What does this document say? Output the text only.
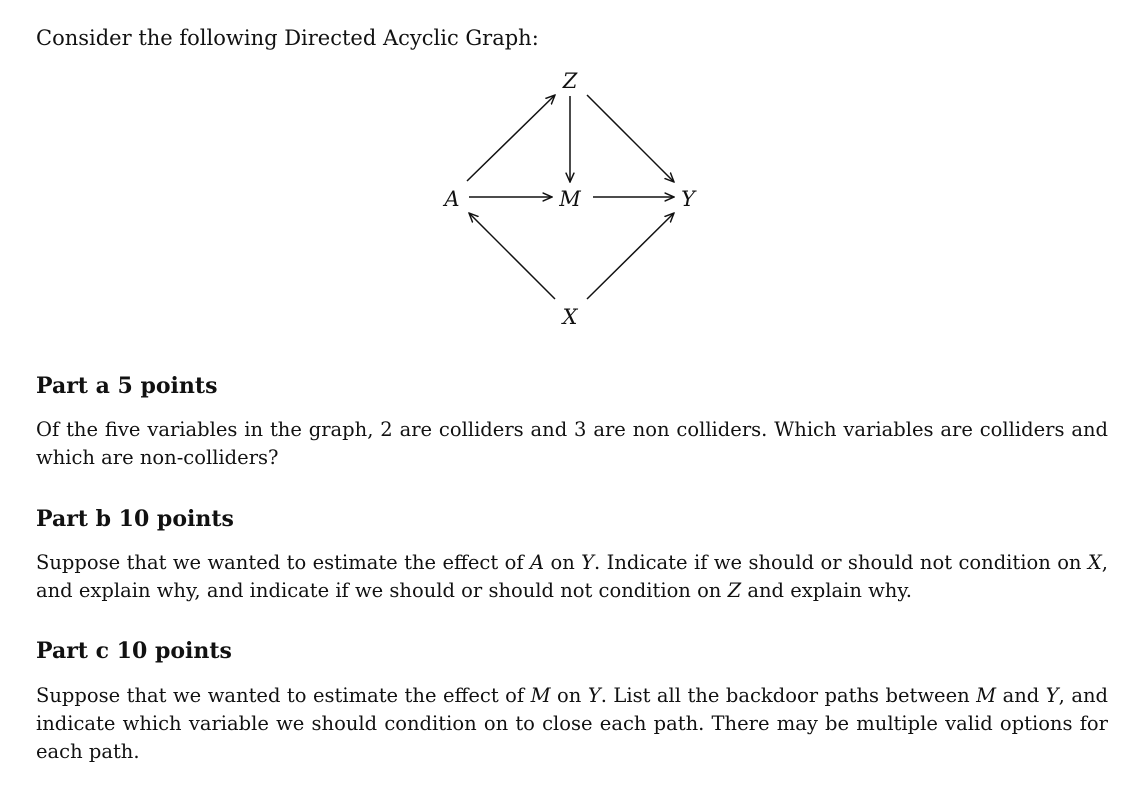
Consider the following Directed Acyclic Graph:
Z
A	M	Y
X
Part a 5 points
Of the five variables in the graph, 2 are colliders and 3 are non colliders. Which variables are colliders and which are non-colliders?
Part b 10 points
Suppose that we wanted to estimate the effect of A on Y. Indicate if we should or should not condition on X, and explain why, and indicate if we should or should not condition on Z and explain why.
Part c 10 points
Suppose that we wanted to estimate the effect of M on Y. List all the backdoor paths between M and Y, and indicate which variable we should condition on to close each path. There may be multiple valid options for each path.
